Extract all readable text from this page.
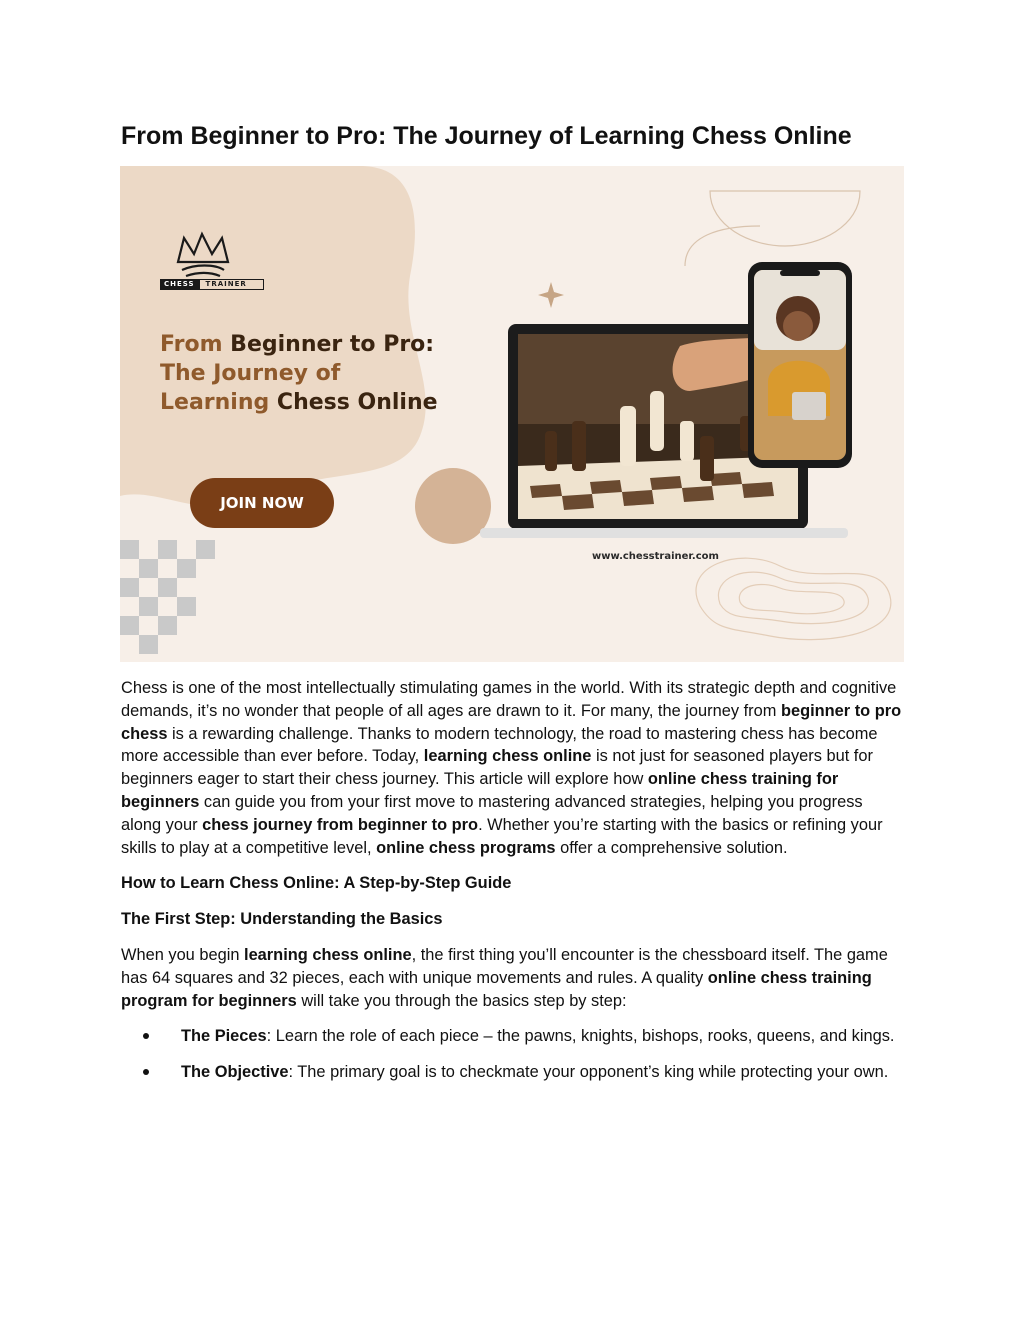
From Beginner to Pro: The Journey of Learning Chess Online
CHESS	TRAINER
From Beginner to Pro:
The Journey of
Learning Chess Online
JOIN NOW
www.chesstrainer.com

Chess is one of the most intellectually stimulating games in the world. With its strategic depth and cognitive demands, it’s no wonder that people of all ages are drawn to it. For many, the journey from beginner to pro chess is a rewarding challenge. Thanks to modern technology, the road to mastering chess has become more accessible than ever before. Today, learning chess online is not just for seasoned players but for beginners eager to start their chess journey. This article will explore how online chess training for beginners can guide you from your first move to mastering advanced strategies, helping you progress along your chess journey from beginner to pro. Whether you’re starting with the basics or refining your skills to play at a competitive level, online chess programs offer a comprehensive solution.

How to Learn Chess Online: A Step-by-Step Guide

The First Step: Understanding the Basics

When you begin learning chess online, the first thing you’ll encounter is the chessboard itself. The game has 64 squares and 32 pieces, each with unique movements and rules. A quality online chess training program for beginners will take you through the basics step by step:

The Pieces: Learn the role of each piece – the pawns, knights, bishops, rooks, queens, and kings.
The Objective: The primary goal is to checkmate your opponent’s king while protecting your own.
